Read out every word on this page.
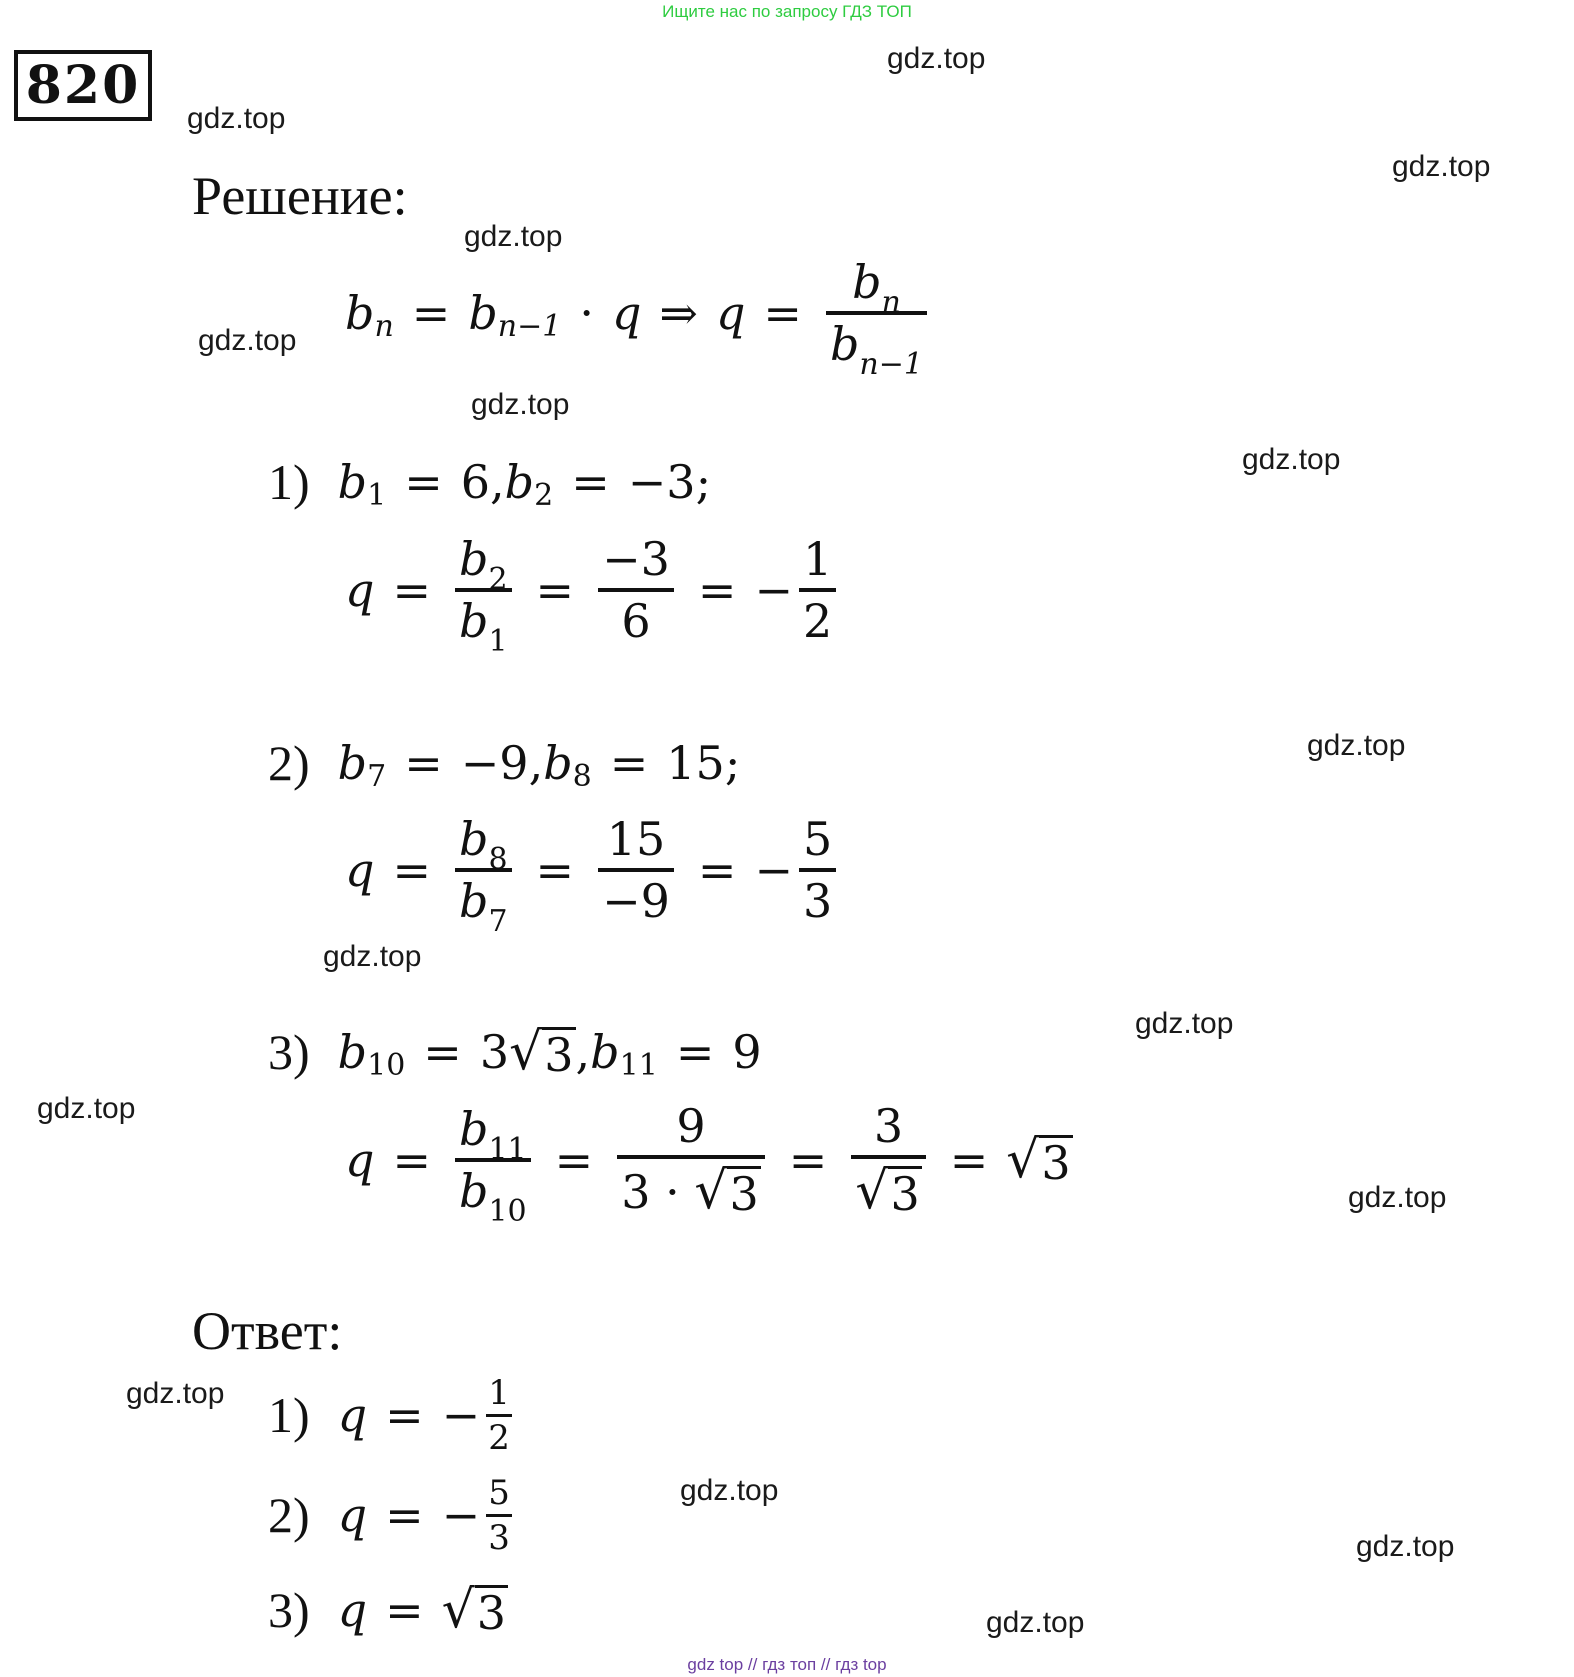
Ищите нас по запросу ГДЗ ТОП
820	gdz.top
gdz.top
gdz.top
gdz.top
gdz.top
gdz.top
gdz.top
gdz.top
gdz.top
gdz.top
gdz.top
gdz.top
gdz.top
gdz.top
gdz.top
gdz.top
Решение:
b n = b n−1 · q ⇒ $q = \frac{b_n}{b_{n-1}}$
1) b 1 = 6 , b 2 = −3 ;
$q = \frac{b_2}{b_1} = \frac{-3}{6}$ = − $\frac{1}{2}$
2) b 7 = −9 , b 8 = 15 ;
$q = \frac{b_8}{b_7} = \frac{15}{-9}$ = − $\frac{5}{3}$
3) b 10 = 3 √ 3 , b 11 = 9
$q = \frac{b_{11}}{b_{10}} = \frac{9}{3 \cdot √ 3} = \frac{3}{√ 3}$ = √ 3
Ответ:
1) q = − $\frac{1}{2}$
2) q = − $\frac{5}{3}$
3) q = √ 3
gdz top // гдз топ // гдз top
